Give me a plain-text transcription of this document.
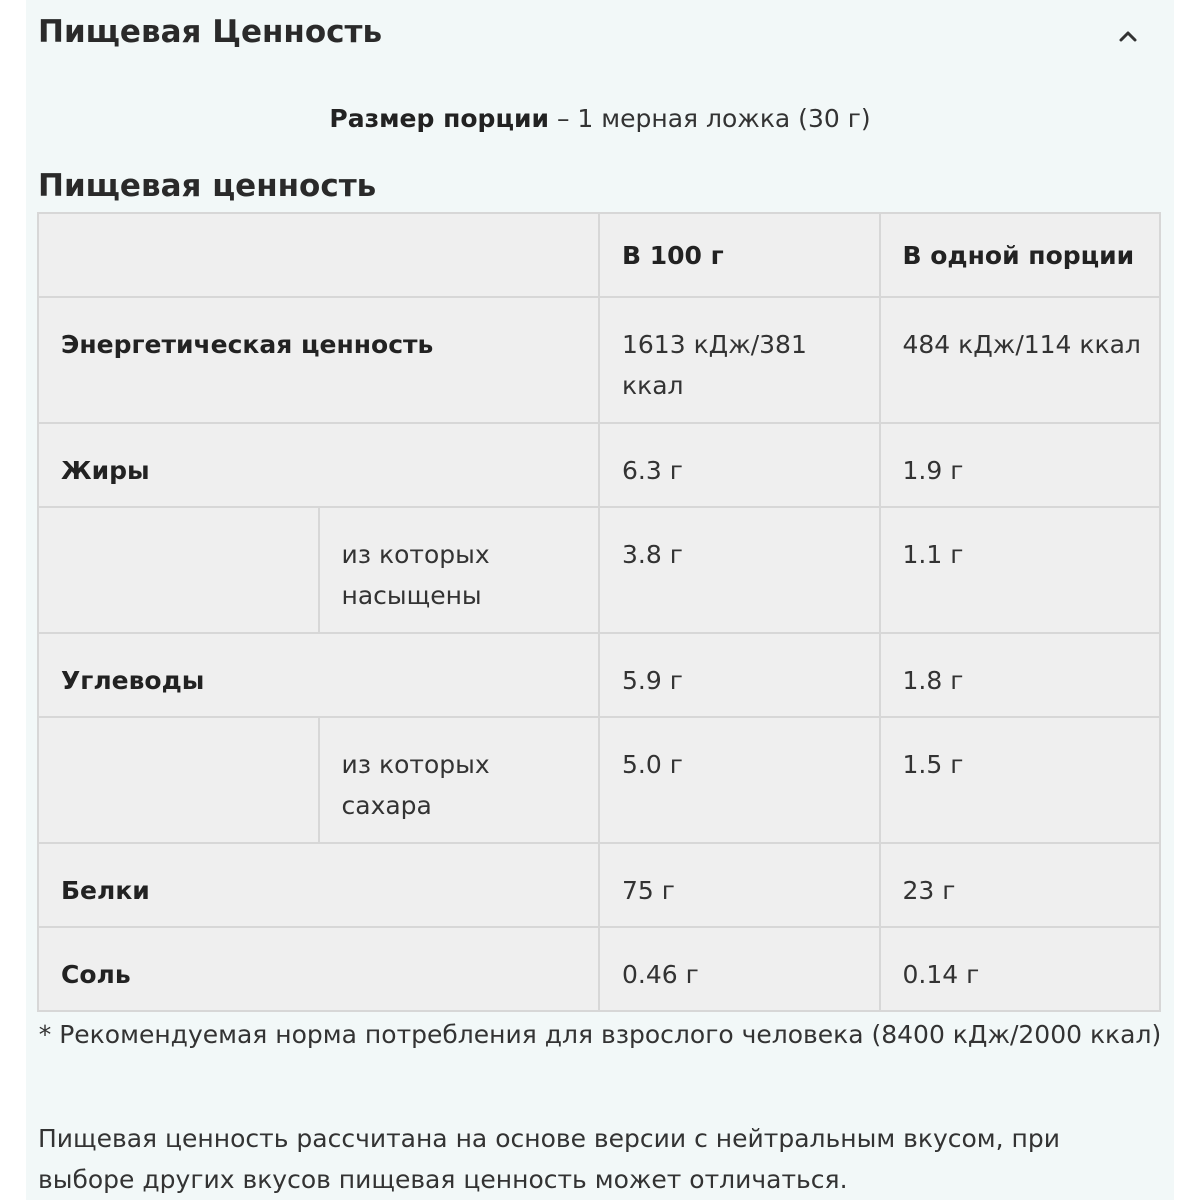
Пищевая Ценность
Размер порции – 1 мерная ложка (30 г)
Пищевая ценность
		В 100 г	В одной порции

Энергетическая ценность		1613 кДж/381 ккал	484 кДж/114 ккал

Жиры		6.3 г	1.9 г

	из которых насыщены	3.8 г	1.1 г

Углеводы		5.9 г	1.8 г

	из которых сахара	5.0 г	1.5 г

Белки		75 г	23 г

Соль		0.46 г	0.14 г
* Рекомендуемая норма потребления для взрослого человека (8400 кДж/2000 ккал)
Пищевая ценность рассчитана на основе версии с нейтральным вкусом, при выборе других вкусов пищевая ценность может отличаться.
